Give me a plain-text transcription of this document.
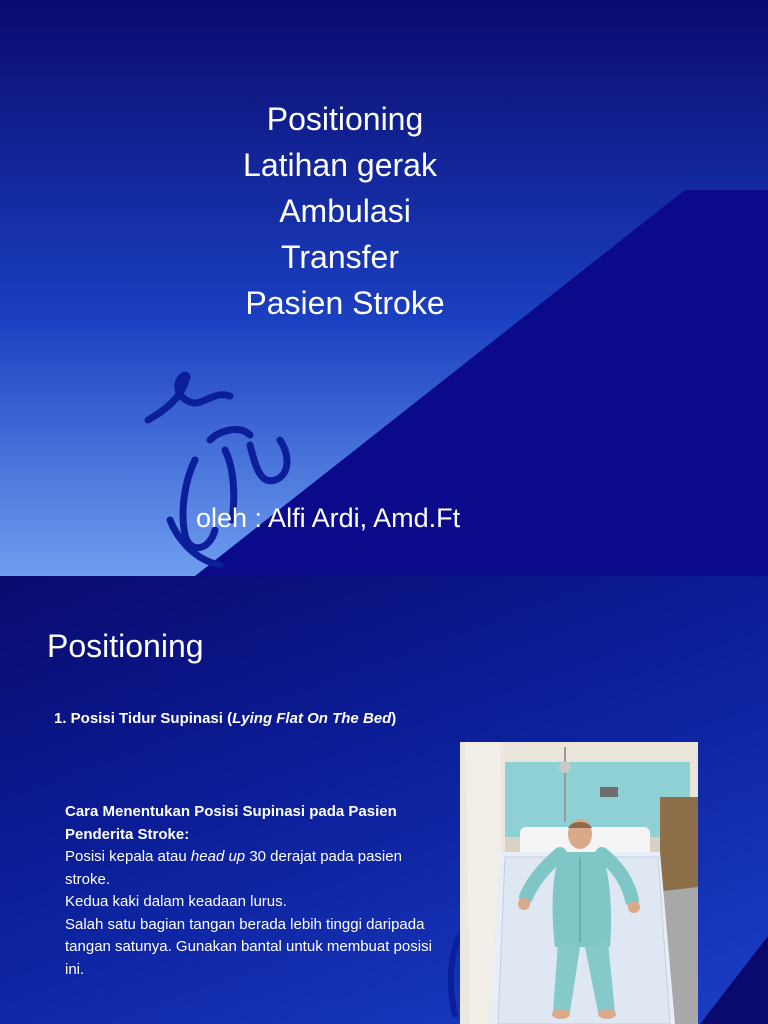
Positioning
Latihan gerak
Ambulasi
Transfer
Pasien Stroke
oleh : Alfi Ardi, Amd.Ft
Positioning
1. Posisi Tidur Supinasi (Lying Flat On The Bed)
Cara Menentukan Posisi Supinasi pada Pasien Penderita Stroke:
Posisi kepala atau head up 30 derajat pada pasien stroke.
Kedua kaki dalam keadaan lurus.
Salah satu bagian tangan berada lebih tinggi daripada tangan satunya. Gunakan bantal untuk membuat posisi ini.
